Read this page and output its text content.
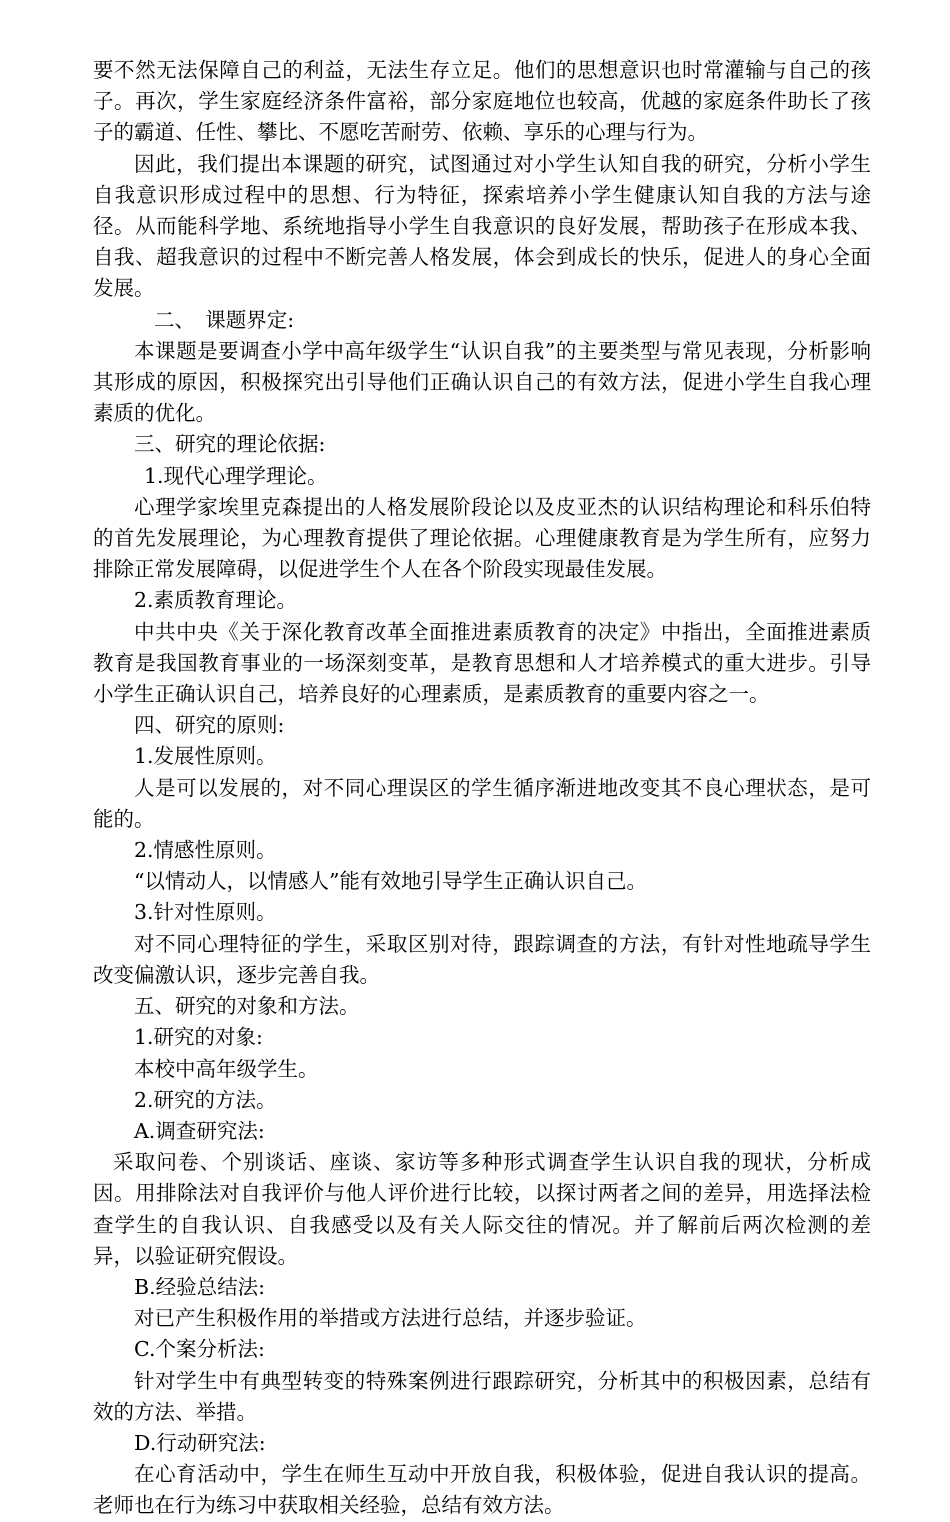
要不然无法保障自己的利益，无法生存立足。他们的思想意识也时常灌输与自己的孩子。再次，学生家庭经济条件富裕，部分家庭地位也较高，优越的家庭条件助长了孩子的霸道、任性、攀比、不愿吃苦耐劳、依赖、享乐的心理与行为。

因此，我们提出本课题的研究，试图通过对小学生认知自我的研究，分析小学生自我意识形成过程中的思想、行为特征，探索培养小学生健康认知自我的方法与途径。从而能科学地、系统地指导小学生自我意识的良好发展，帮助孩子在形成本我、自我、超我意识的过程中不断完善人格发展，体会到成长的快乐，促进人的身心全面发展。

二、　课题界定:

本课题是要调查小学中高年级学生“认识自我”的主要类型与常见表现，分析影响其形成的原因，积极探究出引导他们正确认识自己的有效方法，促进小学生自我心理素质的优化。

三、研究的理论依据:

1.现代心理学理论。

心理学家埃里克森提出的人格发展阶段论以及皮亚杰的认识结构理论和科乐伯特的首先发展理论，为心理教育提供了理论依据。心理健康教育是为学生所有，应努力排除正常发展障碍，以促进学生个人在各个阶段实现最佳发展。

2.素质教育理论。

中共中央《关于深化教育改革全面推进素质教育的决定》中指出，全面推进素质教育是我国教育事业的一场深刻变革，是教育思想和人才培养模式的重大进步。引导小学生正确认识自己，培养良好的心理素质，是素质教育的重要内容之一。

四、研究的原则:

1.发展性原则。

人是可以发展的，对不同心理误区的学生循序渐进地改变其不良心理状态，是可能的。

2.情感性原则。

“以情动人，以情感人”能有效地引导学生正确认识自己。

3.针对性原则。

对不同心理特征的学生，采取区别对待，跟踪调查的方法，有针对性地疏导学生改变偏激认识，逐步完善自我。

五、研究的对象和方法。

1.研究的对象:

本校中高年级学生。

2.研究的方法。

A.调查研究法:

采取问卷、个别谈话、座谈、家访等多种形式调查学生认识自我的现状，分析成因。用排除法对自我评价与他人评价进行比较，以探讨两者之间的差异，用选择法检查学生的自我认识、自我感受以及有关人际交往的情况。并了解前后两次检测的差异，以验证研究假设。

B.经验总结法:

对已产生积极作用的举措或方法进行总结，并逐步验证。

C.个案分析法:

针对学生中有典型转变的特殊案例进行跟踪研究，分析其中的积极因素，总结有效的方法、举措。

D.行动研究法:

在心育活动中，学生在师生互动中开放自我，积极体验，促进自我认识的提高。老师也在行为练习中获取相关经验，总结有效方法。
